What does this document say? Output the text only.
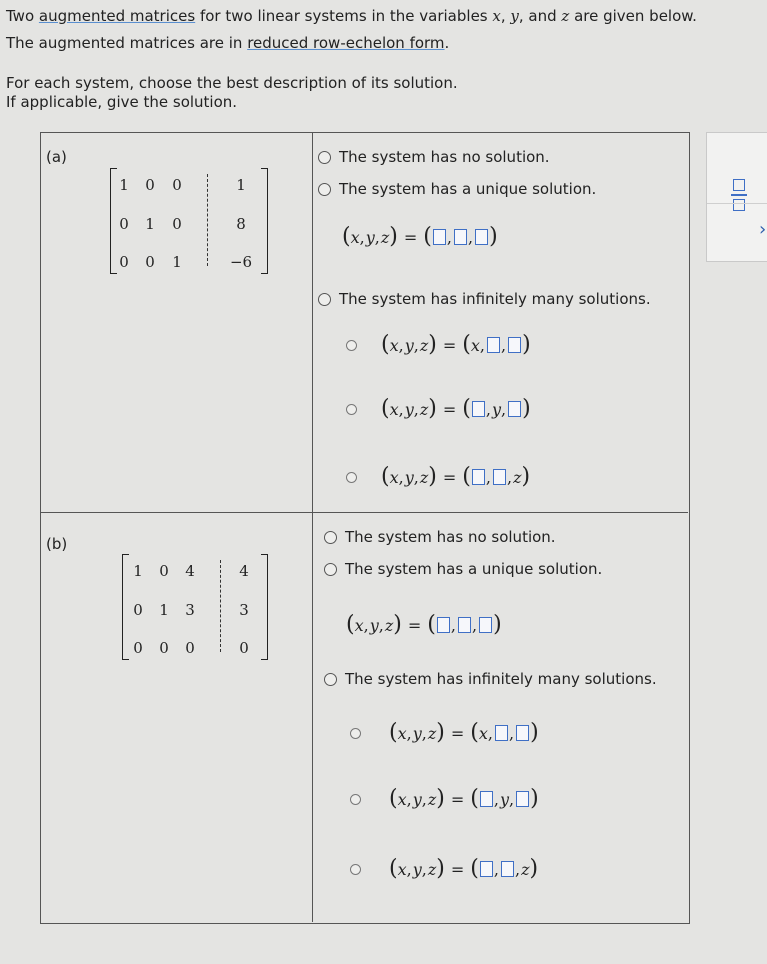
Two augmented matrices for two linear systems in the variables x, y, and z are given below.
The augmented matrices are in reduced row-echelon form.
For each system, choose the best description of its solution.
If applicable, give the solution.
›
(a)
1	0	0	1
0	1	0	8
0	0	1	−6
The system has no solution.
The system has a unique solution.
( x , y , z ) = ( , , )
The system has infinitely many solutions.
( x , y , z ) = ( x , , )
( x , y , z ) = ( , y , )
( x , y , z ) = ( , , z )
(b)
1	0	4	4
0	1	3	3
0	0	0	0
The system has no solution.
The system has a unique solution.
( x , y , z ) = ( , , )
The system has infinitely many solutions.
( x , y , z ) = ( x , , )
( x , y , z ) = ( , y , )
( x , y , z ) = ( , , z )
